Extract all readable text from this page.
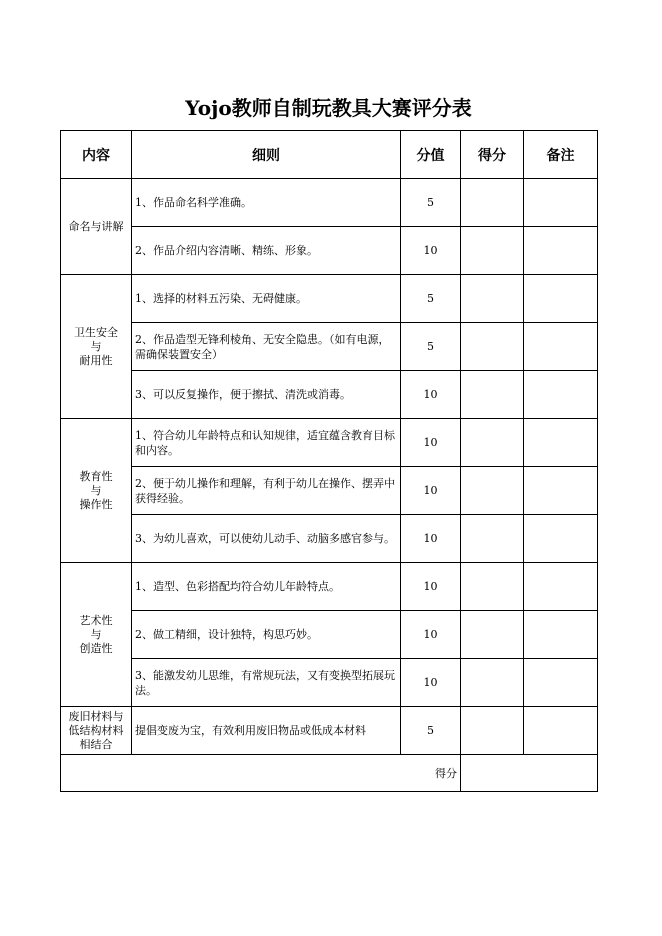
Yojo教师自制玩教具大赛评分表
内容	细则	分值	得分	备注

命名与讲解	1、作品命名科学准确。	5		
	2、作品介绍内容清晰、精练、形象。	10		

卫生安全
与
耐用性	1、选择的材料五污染、无碍健康。	5		
	2、作品造型无锋利棱角、无安全隐患。（如有电源，需确保装置安全）	5		
	3、可以反复操作，便于擦拭、清洗或消毒。	10		

教育性
与
操作性	1、符合幼儿年龄特点和认知规律，适宜蕴含教育目标和内容。	10		
	2、便于幼儿操作和理解，有利于幼儿在操作、摆弄中获得经验。	10		
	3、为幼儿喜欢，可以使幼儿动手、动脑多感官参与。	10		

艺术性
与
创造性	1、造型、色彩搭配均符合幼儿年龄特点。	10		
	2、做工精细，设计独特，构思巧妙。	10		
	3、能激发幼儿思维，有常规玩法，又有变换型拓展玩法。	10		

废旧材料与
低结构材料
相结合	提倡变废为宝，有效利用废旧物品或低成本材料	5		
得分				
